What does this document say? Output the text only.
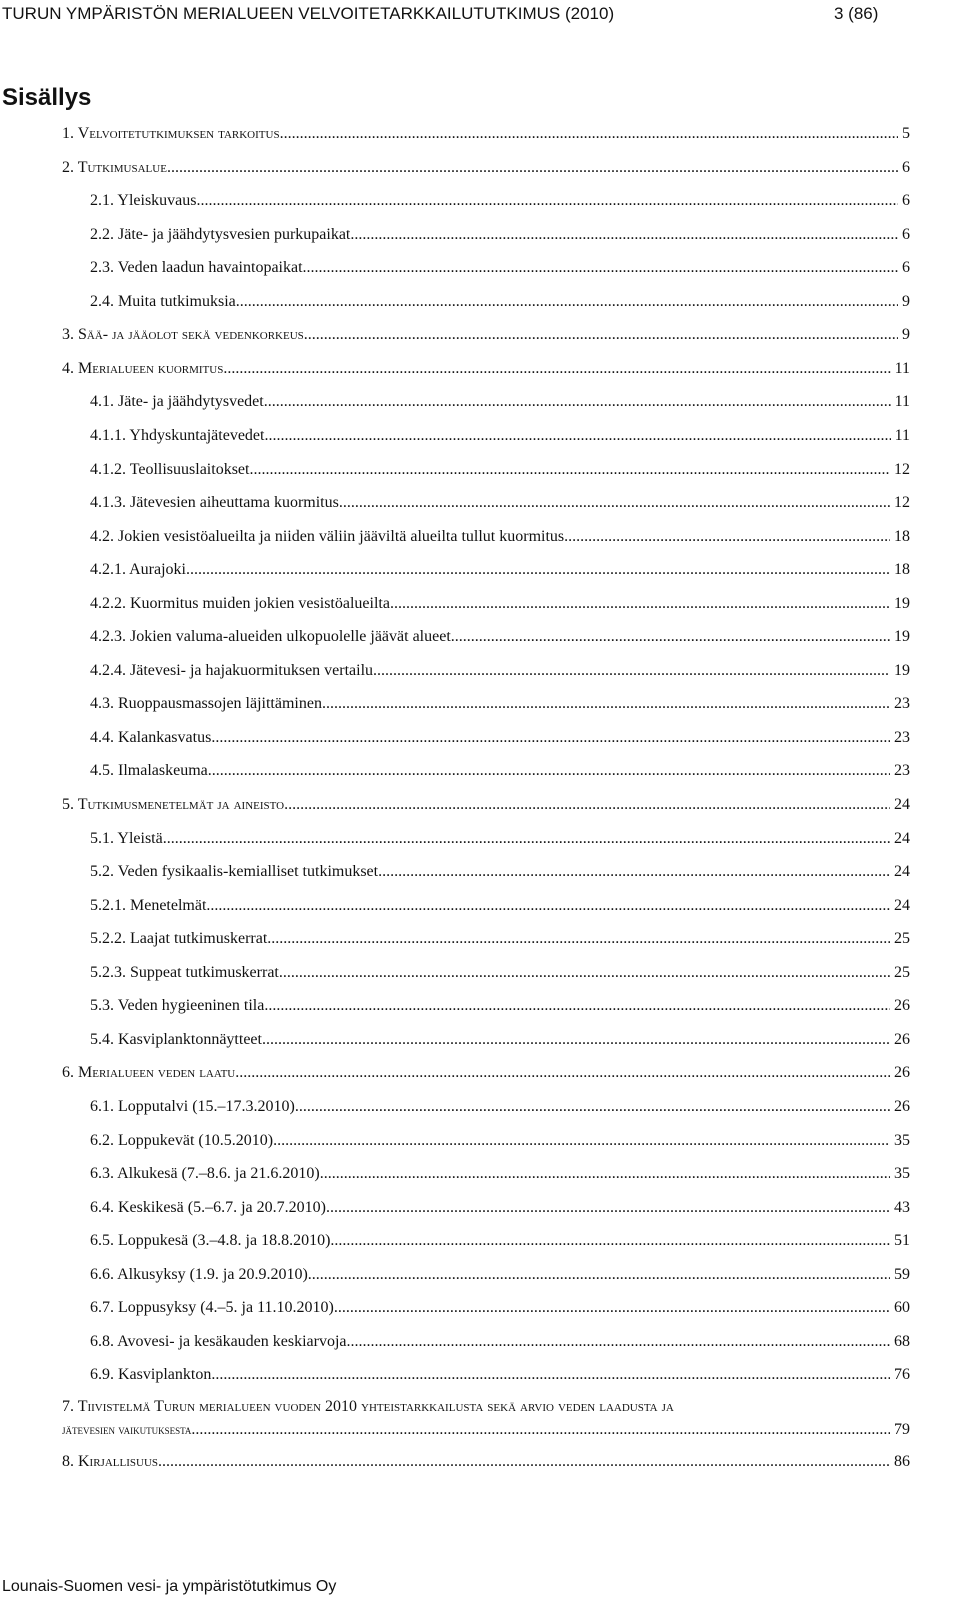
TURUN YMPÄRISTÖN MERIALUEEN VELVOITETARKKAILUTUTKIMUS (2010)	3 (86)
Sisällys
1. Velvoitetutkimuksen tarkoitus .....	5
2. Tutkimusalue .....	6
2.1. Yleiskuvaus .....	6
2.2. Jäte- ja jäähdytysvesien purkupaikat .....	6
2.3. Veden laadun havaintopaikat .....	6
2.4. Muita tutkimuksia .....	9
3. Sää- ja jääolot sekä vedenkorkeus .....	9
4. Merialueen kuormitus .....	11
4.1. Jäte- ja jäähdytysvedet .....	11
4.1.1. Yhdyskuntajätevedet .....	11
4.1.2. Teollisuuslaitokset .....	12
4.1.3. Jätevesien aiheuttama kuormitus .....	12
4.2. Jokien vesistöalueilta ja niiden väliin jääviltä alueilta tullut kuormitus .....	18
4.2.1. Aurajoki .....	18
4.2.2. Kuormitus muiden jokien vesistöalueilta .....	19
4.2.3. Jokien valuma-alueiden ulkopuolelle jäävät alueet .....	19
4.2.4. Jätevesi- ja hajakuormituksen vertailu .....	19
4.3. Ruoppausmassojen läjittäminen .....	23
4.4. Kalankasvatus .....	23
4.5. Ilmalaskeuma .....	23
5. Tutkimusmenetelmät ja aineisto .....	24
5.1. Yleistä .....	24
5.2. Veden fysikaalis-kemialliset tutkimukset .....	24
5.2.1. Menetelmät .....	24
5.2.2. Laajat tutkimuskerrat .....	25
5.2.3. Suppeat tutkimuskerrat .....	25
5.3. Veden hygieeninen tila .....	26
5.4. Kasviplanktonnäytteet .....	26
6. Merialueen veden laatu .....	26
6.1. Lopputalvi (15.–17.3.2010) .....	26
6.2. Loppukevät (10.5.2010) .....	35
6.3. Alkukesä (7.–8.6. ja 21.6.2010) .....	35
6.4. Keskikesä (5.–6.7. ja 20.7.2010) .....	43
6.5. Loppukesä (3.–4.8. ja 18.8.2010) .....	51
6.6. Alkusyksy (1.9. ja 20.9.2010) .....	59
6.7. Loppusyksy (4.–5. ja 11.10.2010) .....	60
6.8. Avovesi- ja kesäkauden keskiarvoja .....	68
6.9. Kasviplankton .....	76
7. Tiivistelmä Turun merialueen vuoden 2010 yhteistarkkailusta sekä arvio veden laadusta ja
jätevesien vaikutuksesta .....	79
8. Kirjallisuus .....	86
Lounais-Suomen vesi- ja ympäristötutkimus Oy
